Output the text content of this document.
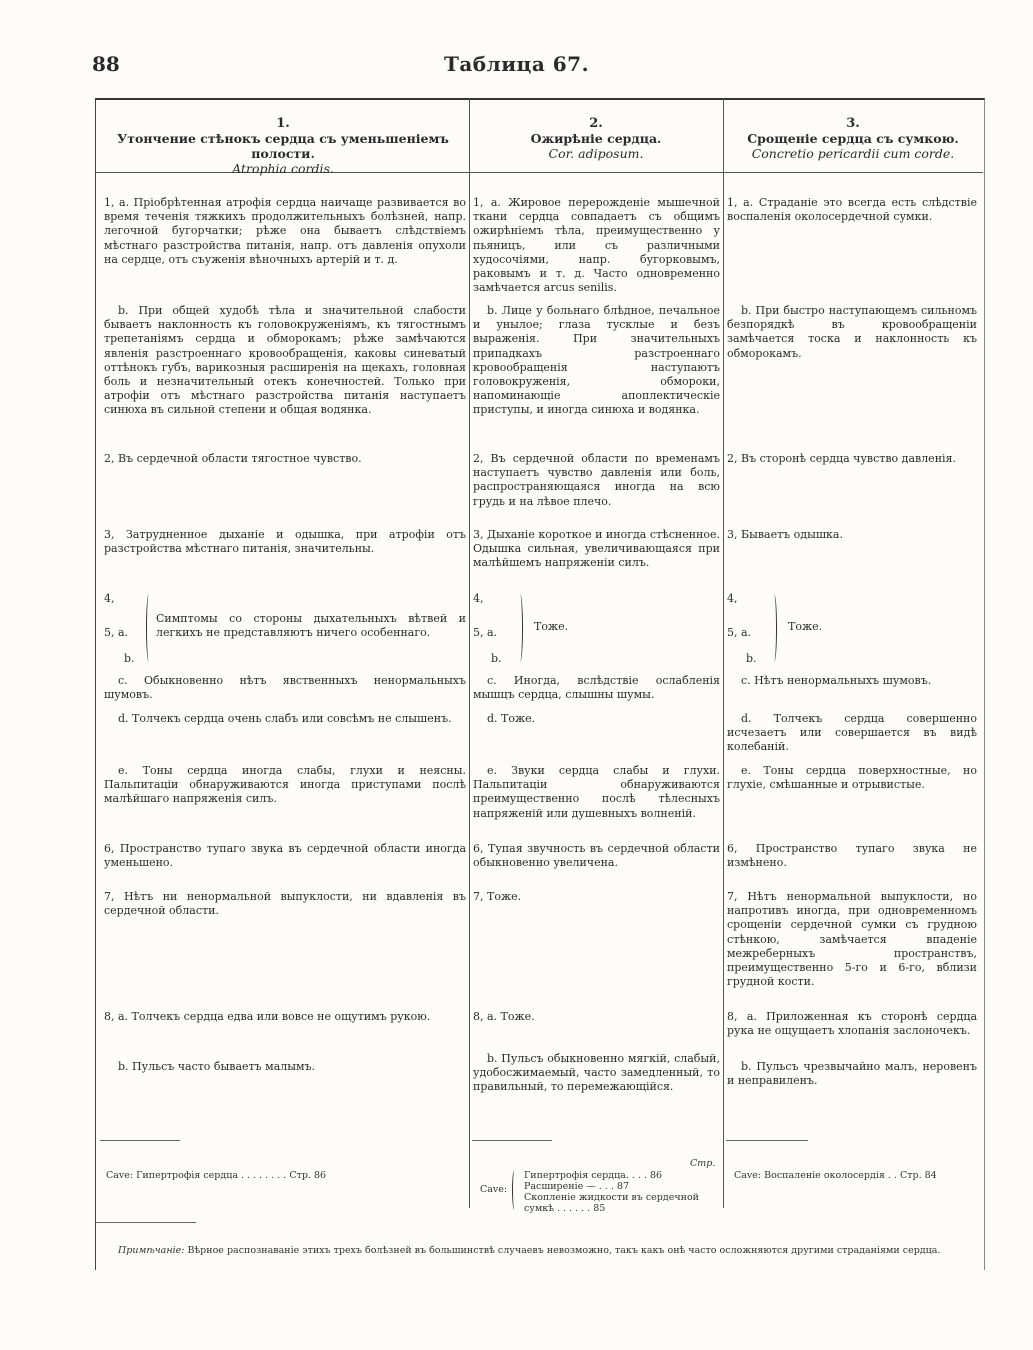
88	Таблица 67.
1.
Утончение стѣнокъ сердца съ уменьшеніемъ полости.
Atrophia cordis.
2.
Ожирѣніе сердца.
Cor. adiposum.
3.
Срощеніе сердца съ сумкою.
Concretio pericardii cum corde.
1, а. Пріобрѣтенная атрофія сердца наичаще развивается во время теченія тяжкихъ продолжительныхъ болѣзней, напр. легочной бугорчатки; рѣже она бываетъ слѣдствіемъ мѣстнаго разстройства питанія, напр. отъ давленія опухоли на сердце, отъ съуженія вѣночныхъ артерій и т. д.
b. При общей худобѣ тѣла и значительной слабости бываетъ наклонность къ головокруженіямъ, къ тягостнымъ трепетаніямъ сердца и обморокамъ; рѣже замѣчаются явленія разстроеннаго кровообращенія, каковы синеватый оттѣнокъ губъ, варикозныя расширенія на щекахъ, головная боль и незначительный отекъ конечностей. Только при атрофіи отъ мѣстнаго разстройства питанія наступаетъ синюха въ сильной степени и общая водянка.
2, Въ сердечной области тягостное чувство.
3, Затрудненное дыханіе и одышка, при атрофіи отъ разстройства мѣстнаго питанія, значительны.
4,
5, а.
b.
Симптомы со стороны дыхательныхъ вѣтвей и легкихъ не представляютъ ничего особеннаго.
c. Обыкновенно нѣтъ явственныхъ ненормальныхъ шумовъ.
d. Толчекъ сердца очень слабъ или совсѣмъ не слышенъ.
e. Тоны сердца иногда слабы, глухи и неясны. Пальпитаціи обнаруживаются иногда приступами послѣ малѣйшаго напряженія силъ.
6, Пространство тупаго звука въ сердечной области иногда уменьшено.
7, Нѣтъ ни ненормальной выпуклости, ни вдавленія въ сердечной области.
8, а. Толчекъ сердца едва или вовсе не ощутимъ рукою.
b. Пульсъ часто бываетъ малымъ.
Cave: Гипертрофія сердца . . . . . . . . Стр. 86
1, а. Жировое перерожденіе мышечной ткани сердца совпадаетъ съ общимъ ожирѣніемъ тѣла, преимущественно у пьяницъ, или съ различными худосочіями, напр. бугорковымъ, раковымъ и т. д. Часто одновременно замѣчается arcus senilis.
b. Лице у больнаго блѣдное, печальное и унылое; глаза тусклые и безъ выраженія. При значительныхъ припадкахъ разстроеннаго кровообращенія наступаютъ головокруженія, обмороки, напоминающіе апоплектическіе приступы, и иногда синюха и водянка.
2, Въ сердечной области по временамъ наступаетъ чувство давленія или боль, распространяющаяся иногда на всю грудь и на лѣвое плечо.
3, Дыханіе короткое и иногда стѣсненное. Одышка сильная, увеличивающаяся при малѣйшемъ напряженіи силъ.
4,
5, а.
b.
Тоже.
c. Иногда, вслѣдствіе ослабленія мышцъ сердца, слышны шумы.
d. Тоже.
e. Звуки сердца слабы и глухи. Пальпитаціи обнаруживаются преимущественно послѣ тѣлесныхъ напряженій или душевныхъ волненій.
6, Тупая звучность въ сердечной области обыкновенно увеличена.
7, Тоже.
8, а. Тоже.
b. Пульсъ обыкновенно мягкій, слабый, удобосжимаемый, часто замедленный, то правильный, то перемежающійся.
Стр.
Cave:
Гипертрофія сердца. . . . 86
Расширеніе — . . . 87
Скопленіе жидкости въ сердечной сумкѣ . . . . . . 85
1, а. Страданіе это всегда есть слѣдствіе воспаленія околосердечной сумки.
b. При быстро наступающемъ сильномъ безпорядкѣ въ кровообращеніи замѣчается тоска и наклонность къ обморокамъ.
2, Въ сторонѣ сердца чувство давленія.
3, Бываетъ одышка.
4,
5, а.
b.
Тоже.
c. Нѣтъ ненормальныхъ шумовъ.
d. Толчекъ сердца совершенно исчезаетъ или совершается въ видѣ колебаній.
e. Тоны сердца поверхностные, но глухіе, смѣшанные и отрывистые.
6, Пространство тупаго звука не измѣнено.
7, Нѣтъ ненормальной выпуклости, но напротивъ иногда, при одновременномъ срощеніи сердечной сумки съ грудною стѣнкою, замѣчается впаденіе межреберныхъ пространствъ, преимущественно 5-го и 6-го, вблизи грудной кости.
8, а. Приложенная къ сторонѣ сердца рука не ощущаетъ хлопанія заслоночекъ.
b. Пульсъ чрезвычайно малъ, неровенъ и неправиленъ.
Cave: Воспаленіе околосердія . . Стр. 84
Примѣчаніе: Вѣрное распознаваніе этихъ трехъ болѣзней въ большинствѣ случаевъ невозможно, такъ какъ онѣ часто осложняются другими страданіями сердца.
